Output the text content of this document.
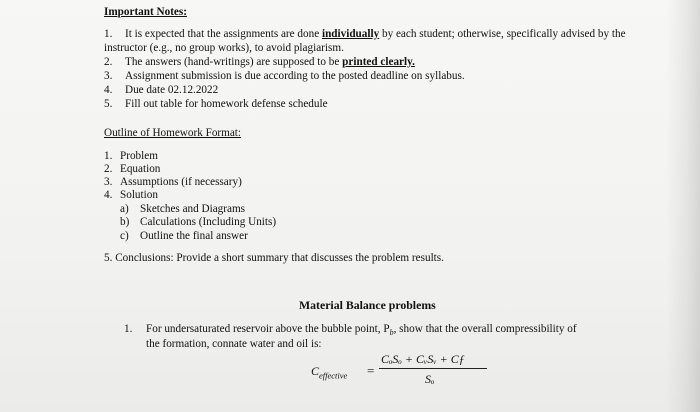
Important Notes:
1. It is expected that the assignments are done individually by each student; otherwise, specifically advised by the
instructor (e.g., no group works), to avoid plagiarism.
2. The answers (hand-writings) are supposed to be printed clearly.
3. Assignment submission is due according to the posted deadline on syllabus.
4. Due date 02.12.2022
5. Fill out table for homework defense schedule
Outline of Homework Format:
1. Problem
2. Equation
3. Assumptions (if necessary)
4. Solution
a) Sketches and Diagrams
b) Calculations (Including Units)
c) Outline the final answer
5. Conclusions: Provide a short summary that discusses the problem results.
Material Balance problems
1. For undersaturated reservoir above the bubble point, $P_b$, show that the overall compressibility of
the formation, connate water and oil is:
$C_{effective}$ =
CₒSₒ + CᵥSᵥ + Cƒ
Sₒ
